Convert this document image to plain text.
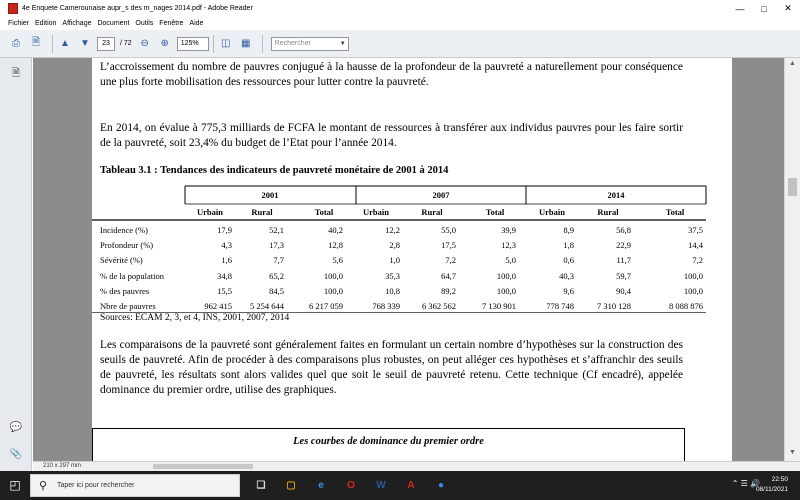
4e Enquete Camerounaise aupr_s des m_nages 2014.pdf - Adobe Reader	—	□	✕
Fichier Edition Affichage Document Outils Fenêtre Aide
⎙	🗎	▲	▼	23	/ 72 ⊖	⊕	125%	◫	▦	Rechercher	▼
🗎
💬
📎

L’accroissement du nombre de pauvres conjugué à la hausse de la profondeur de la pauvreté a naturellement pour conséquence une plus forte mobilisation des ressources pour lutter contre la pauvreté.

En 2014, on évalue à 775,3 milliards de FCFA le montant de ressources à transférer aux individus pauvres pour les faire sortir de la pauvreté, soit 23,4% du budget de l’Etat pour l’année 2014.

Tableau 3.1 : Tendances des indicateurs de pauvreté monétaire de 2001 à 2014
2001	2007	2014
Urbain	Rural	Total	Urbain	Rural	Total	Urbain	Rural	Total
Incidence (%)	17,9	52,1	40,2	12,2	55,0	39,9	8,9	56,8	37,5
Profondeur (%)	4,3	17,3	12,8	2,8	17,5	12,3	1,8	22,9	14,4
Sévérité (%)	1,6	7,7	5,6	1,0	7,2	5,0	0,6	11,7	7,2
% de la population	34,8	65,2	100,0	35,3	64,7	100,0	40,3	59,7	100,0
% des pauvres	15,5	84,5	100,0	10,8	89,2	100,0	9,6	90,4	100,0
Nbre de pauvres	962 415	5 254 644	6 217 059	768 339	6 362 562	7 130 901	778 748	7 310 128	8 088 876
Sources: ECAM 2, 3, et 4, INS, 2001, 2007, 2014

Les comparaisons de la pauvreté sont généralement faites en formulant un certain nombre d’hypothèses sur la construction des seuils de pauvreté. Afin de procéder à des comparaisons plus robustes, on peut alléger ces hypothèses et s’affranchir des seuils de pauvreté, les résultats sont alors valides quel que soit le seuil de pauvreté retenu. Cette technique (Cf encadré), appelée dominance du premier ordre, utilise des graphiques.

Les courbes de dominance du premier ordre
▲
▼
210 x 297 mm
◰	⚲ Taper ici pour rechercher	❑	▢	e	O	W	A	●	⌃ ☰ 🔊	22:50
08/11/2021
